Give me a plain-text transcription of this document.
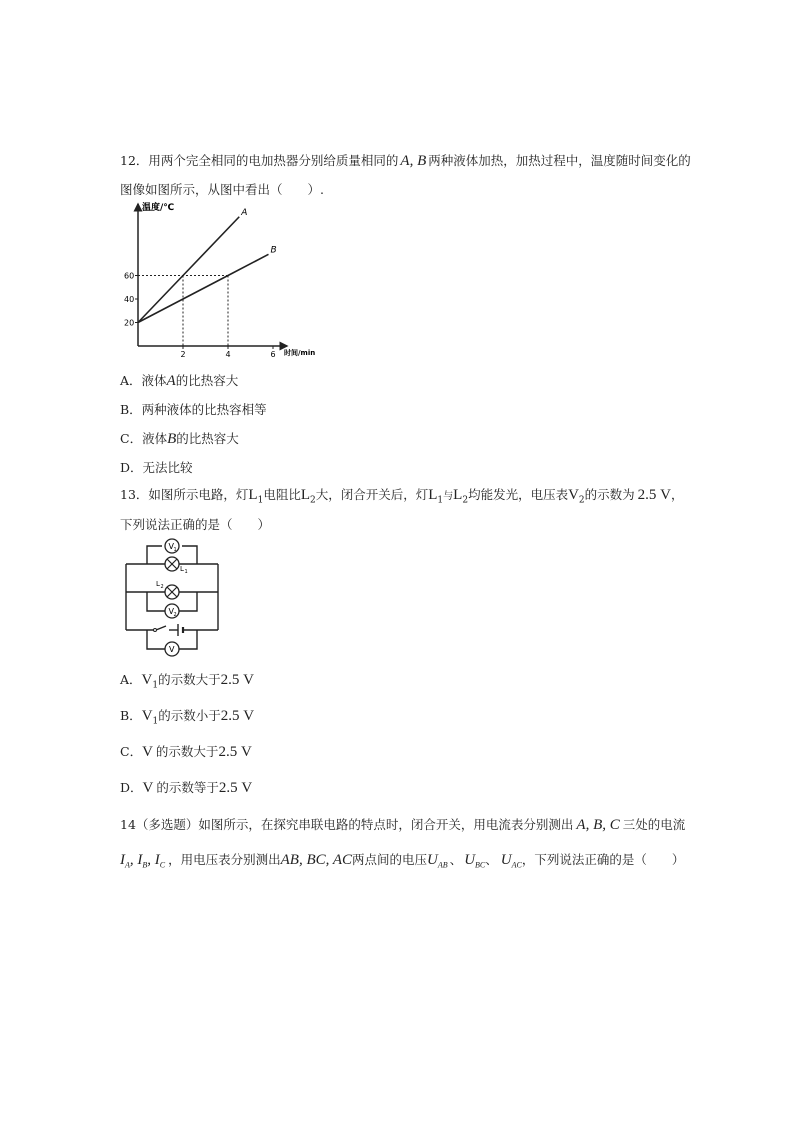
12．用两个完全相同的电加热器分别给质量相同的 A, B 两种液体加热，加热过程中，温度随时间变化的
图像如图所示，从图中看出（　　）.
温度/℃
时间/min
20
40
60
2	4	6
A
B
A．液体A的比热容大
B．两种液体的比热容相等
C．液体B的比热容大
D．无法比较
13．如图所示电路，灯$L_1$电阻比$L_2$大，闭合开关后，灯$L_1$与$L_2$均能发光，电压表$V_2$的示数为 2.5 V，
下列说法正确的是（　　）
V 1
L 1
L 2
V 2
V
A．$V_1$的示数大于2.5 V
B．$V_1$的示数小于2.5 V
C．V 的示数大于2.5 V
D．V 的示数等于2.5 V
14（多选题）如图所示，在探究串联电路的特点时，闭合开关，用电流表分别测出 A, B, C 三处的电流
$I_A$, $I_B$, $I_C$ ，用电压表分别测出AB, BC, AC两点间的电压$U_{AB}$ 、 $U_{BC}$、 $U_{AC}$，下列说法正确的是（　　）
